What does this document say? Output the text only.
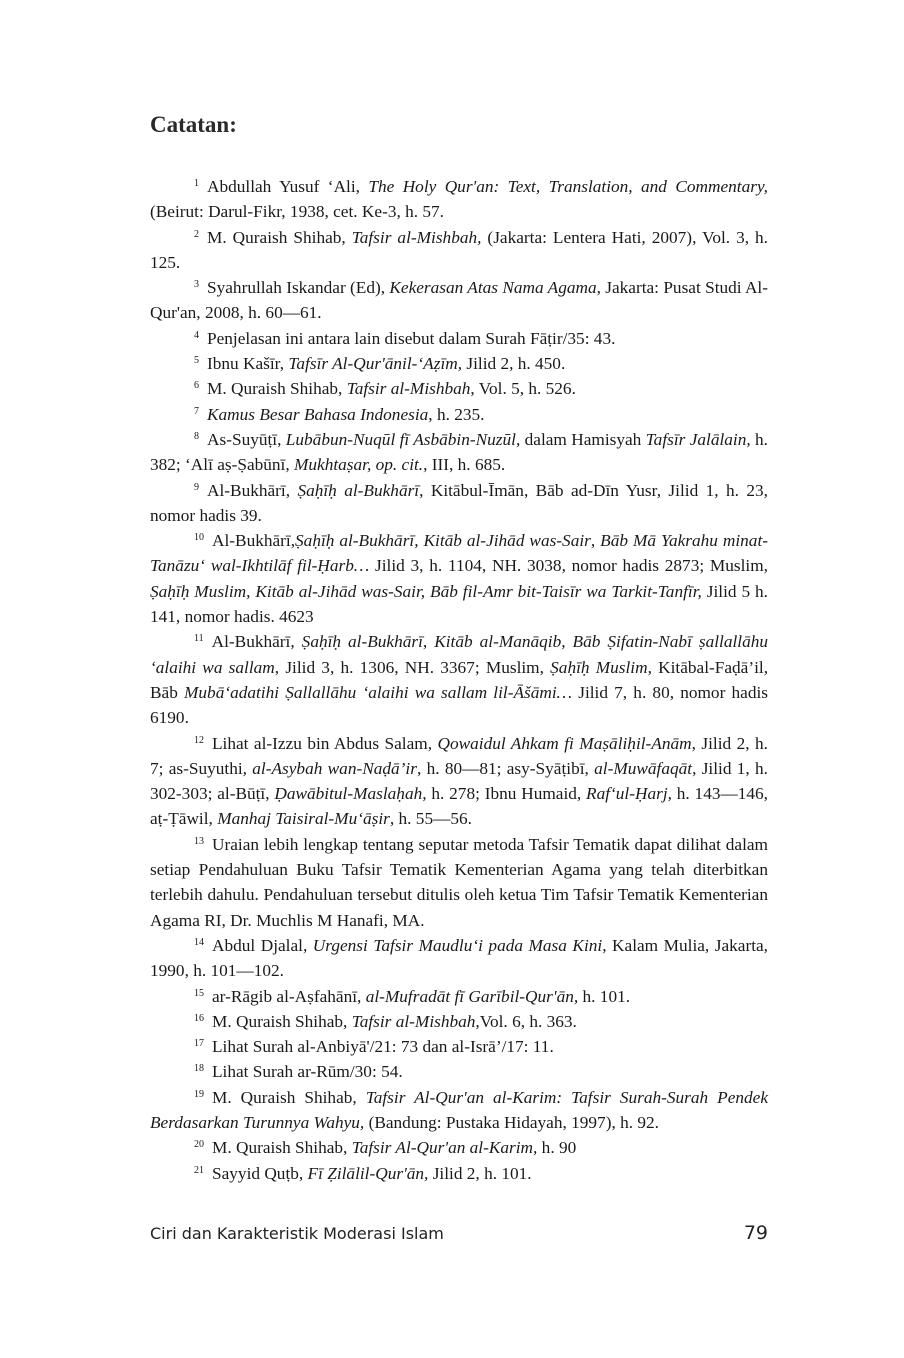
Catatan:

$^1$ Abdullah Yusuf ‘Ali, The Holy Qur'an: Text, Translation, and Commentary, (Beirut: Darul-Fikr, 1938, cet. Ke-3, h. 57.

$^2$ M. Quraish Shihab, Tafsir al-Mishbah, (Jakarta: Lentera Hati, 2007), Vol. 3, h. 125.

$^3$ Syahrullah Iskandar (Ed), Kekerasan Atas Nama Agama, Jakarta: Pusat Studi Al-Qur'an, 2008, h. 60—61.

$^4$ Penjelasan ini antara lain disebut dalam Surah Fāṭir/35: 43.

$^5$ Ibnu Kašīr, Tafsīr Al-Qur'ānil-‘Aẓīm, Jilid 2, h. 450.

$^6$ M. Quraish Shihab, Tafsir al-Mishbah, Vol. 5, h. 526.

$^7$ Kamus Besar Bahasa Indonesia, h. 235.

$^8$ As-Suyūṭī, Lubābun-Nuqūl fī Asbābin-Nuzūl, dalam Hamisyah Tafsīr Jalālain, h. 382; ‘Alī aṣ-Ṣabūnī, Mukhtaṣar, op. cit., III, h. 685.

$^9$ Al-Bukhārī, Ṣaḥīḥ al-Bukhārī, Kitābul-Īmān, Bāb ad-Dīn Yusr, Jilid 1, h. 23, nomor hadis 39.

$^{10}$ Al-Bukhārī,Ṣaḥīḥ al-Bukhārī, Kitāb al-Jihād was-Sair, Bāb Mā Yakrahu minat-Tanāzu‘ wal-Ikhtilāf fil-Ḥarb… Jilid 3, h. 1104, NH. 3038, nomor hadis 2873; Muslim, Ṣaḥīḥ Muslim, Kitāb al-Jihād was-Sair, Bāb fil-Amr bit-Taisīr wa Tarkit-Tanfīr, Jilid 5 h. 141, nomor hadis. 4623

$^{11}$ Al-Bukhārī, Ṣaḥīḥ al-Bukhārī, Kitāb al-Manāqib, Bāb Ṣifatin-Nabī ṣallallāhu ‘alaihi wa sallam, Jilid 3, h. 1306, NH. 3367; Muslim, Ṣaḥīḥ Muslim, Kitābal-Faḍā’il, Bāb Mubā‘adatihi Ṣallallāhu ‘alaihi wa sallam lil-Āšāmi… Jilid 7, h. 80, nomor hadis 6190.

$^{12}$ Lihat al-Izzu bin Abdus Salam, Qowaidul Ahkam fi Maṣāliḥil-Anām, Jilid 2, h. 7; as-Suyuthi, al-Asybah wan-Naḍā’ir, h. 80—81; asy-Syāṭibī, al-Muwāfaqāt, Jilid 1, h. 302-303; al-Būṭī, Ḍawābitul-Maslaḥah, h. 278; Ibnu Humaid, Raf‘ul-Ḥarj, h. 143—146, aṭ-Ṭāwil, Manhaj Taisiral-Mu‘āṣir, h. 55—56.

$^{13}$ Uraian lebih lengkap tentang seputar metoda Tafsir Tematik dapat dilihat dalam setiap Pendahuluan Buku Tafsir Tematik Kementerian Agama yang telah diterbitkan terlebih dahulu. Pendahuluan tersebut ditulis oleh ketua Tim Tafsir Tematik Kementerian Agama RI, Dr. Muchlis M Hanafi, MA.

$^{14}$ Abdul Djalal, Urgensi Tafsir Maudlu‘i pada Masa Kini, Kalam Mulia, Jakarta, 1990, h. 101—102.

$^{15}$ ar-Rāgib al-Aṣfahānī, al-Mufradāt fī Garībil-Qur'ān, h. 101.

$^{16}$ M. Quraish Shihab, Tafsir al-Mishbah,Vol. 6, h. 363.

$^{17}$ Lihat Surah al-Anbiyā'/21: 73 dan al-Isrā’/17: 11.

$^{18}$ Lihat Surah ar-Rūm/30: 54.

$^{19}$ M. Quraish Shihab, Tafsir Al-Qur'an al-Karim: Tafsir Surah-Surah Pendek Berdasarkan Turunnya Wahyu, (Bandung: Pustaka Hidayah, 1997), h. 92.

$^{20}$ M. Quraish Shihab, Tafsir Al-Qur'an al-Karim, h. 90

$^{21}$ Sayyid Quṭb, Fī Ẓilālil-Qur'ān, Jilid 2, h. 101.

Ciri dan Karakteristik Moderasi Islam	79
